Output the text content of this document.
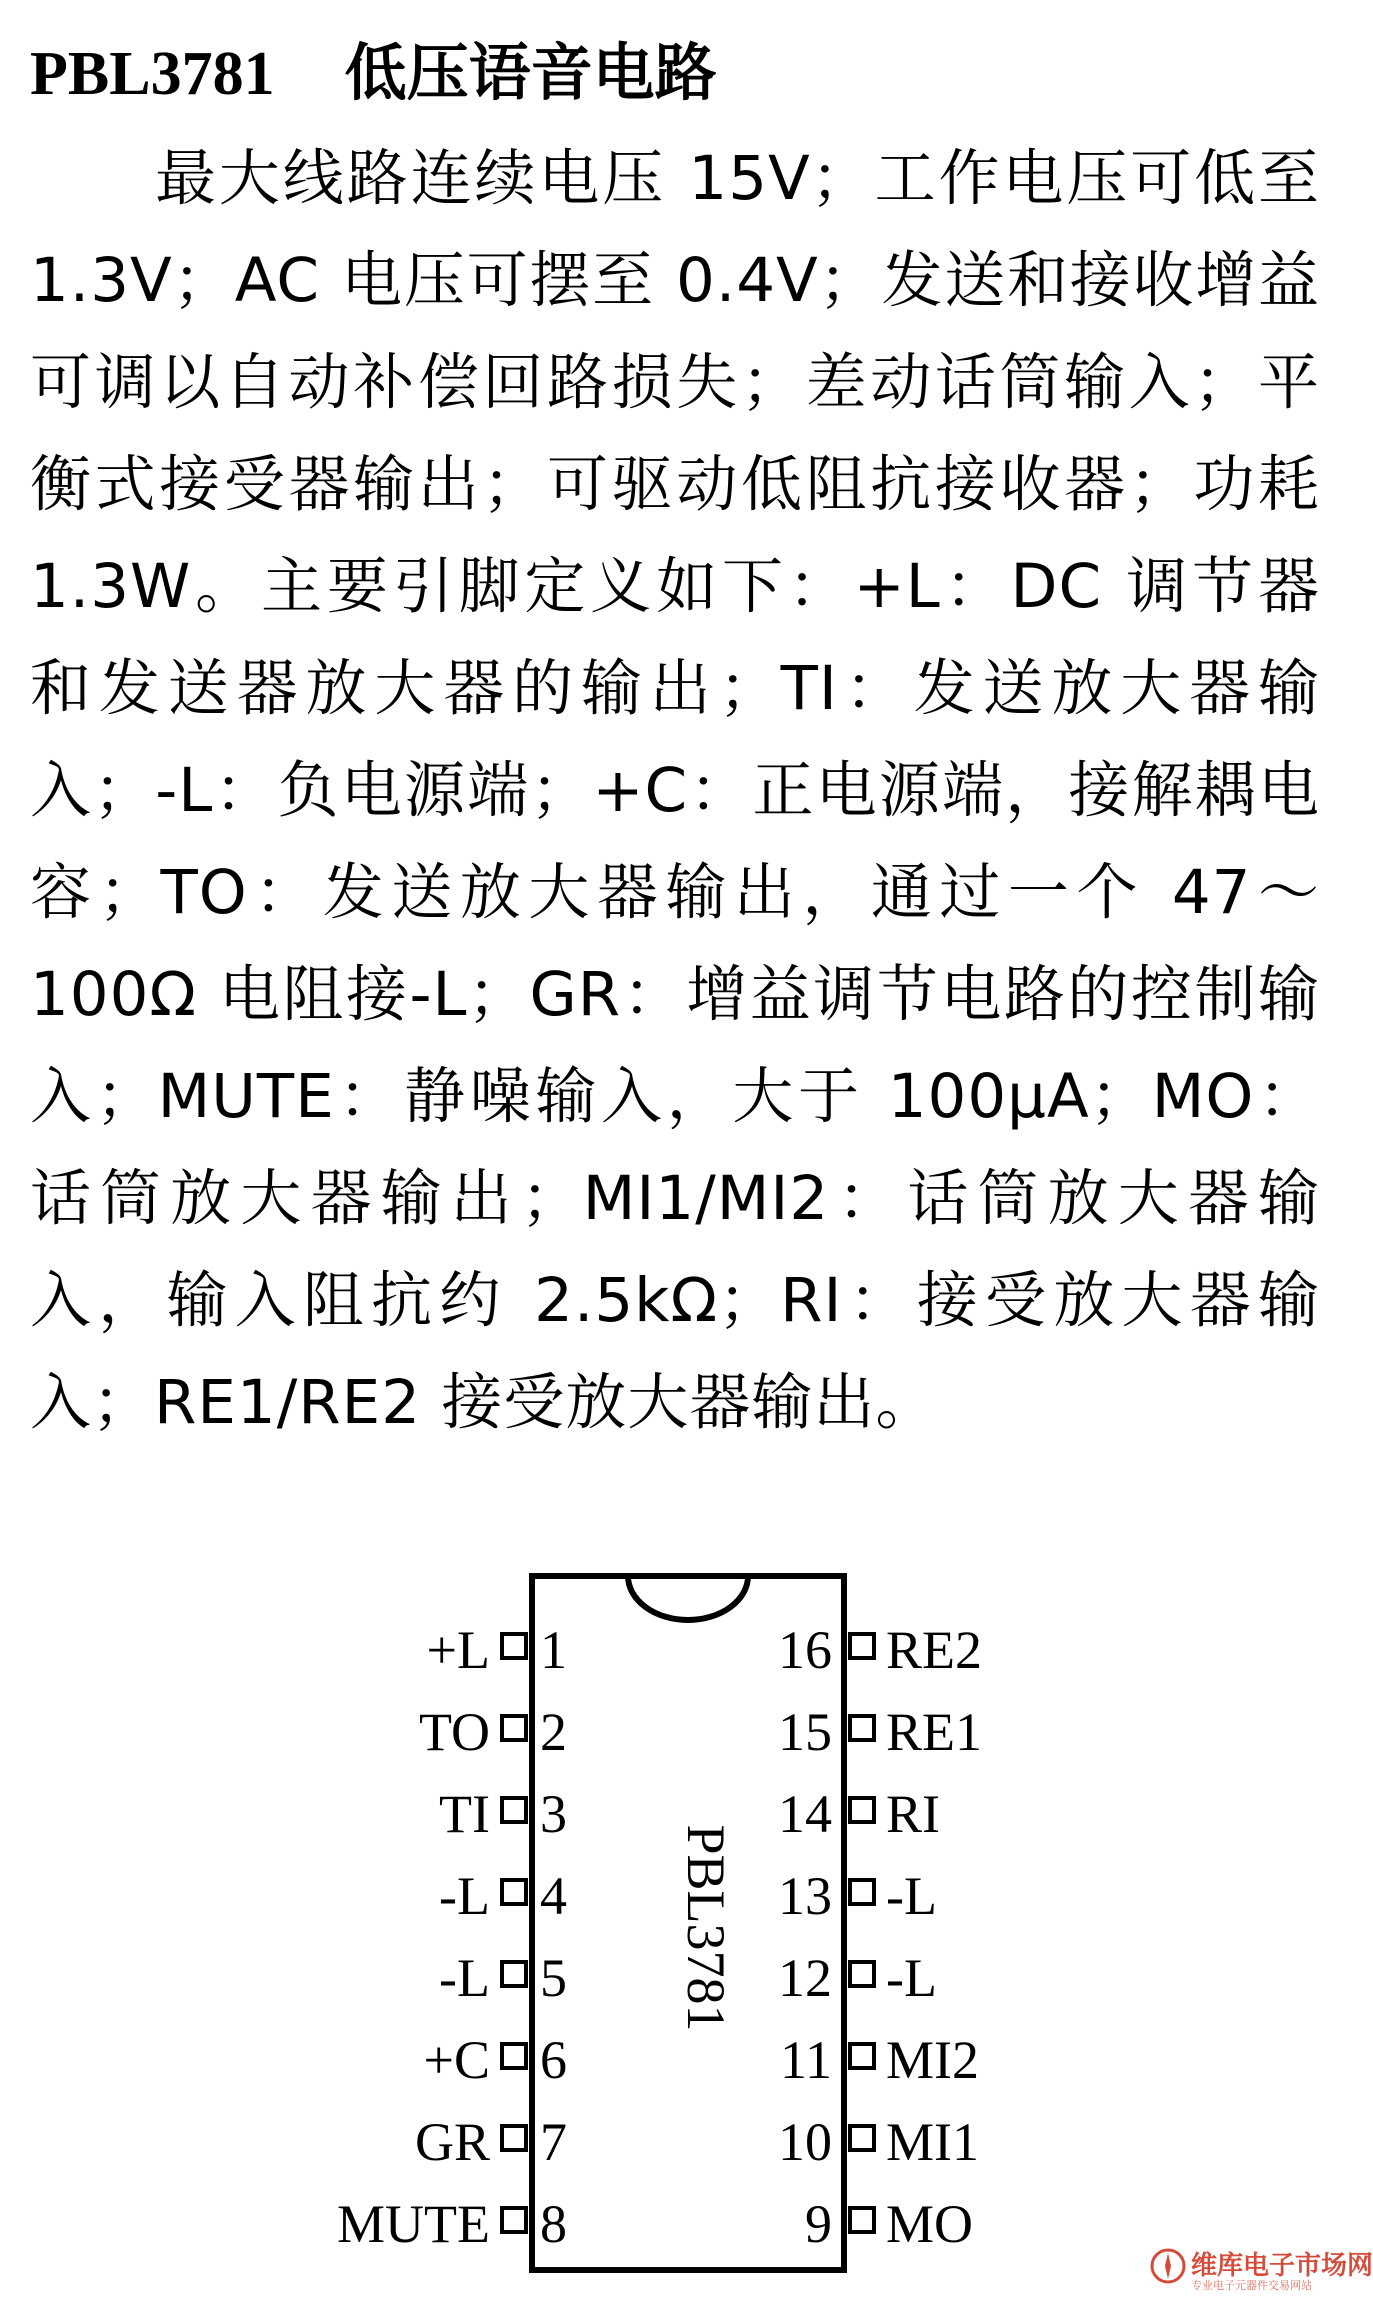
PBL3781 低压语音电路

最大线路连续电压 15V；工作电压可低至 1.3V；AC 电压可摆至 0.4V；发送和接收增益可调以自动补偿回路损失；差动话筒输入；平衡式接受器输出；可驱动低阻抗接收器；功耗 1.3W。主要引脚定义如下：+L：DC 调节器和发送器放大器的输出；TI：发送放大器输入；-L：负电源端；+C：正电源端，接解耦电容；TO：发送放大器输出，通过一个 47～100Ω 电阻接-L；GR：增益调节电路的控制输入；MUTE：静噪输入，大于 100μA；MO：话筒放大器输出；MI1/MI2：话筒放大器输入，输入阻抗约 2.5kΩ；RI：接受放大器输入；RE1/RE2 接受放大器输出。

+L 1
TO 2
TI 3
-L 4
-L 5
+C 6
GR 7
MUTE 8
RE2
16
RE1
15
RI
14
-L
13
-L
12
MI2
11
MI1
10
MO
9
PBL3781
维库电子市场网
专业电子元器件交易网站
